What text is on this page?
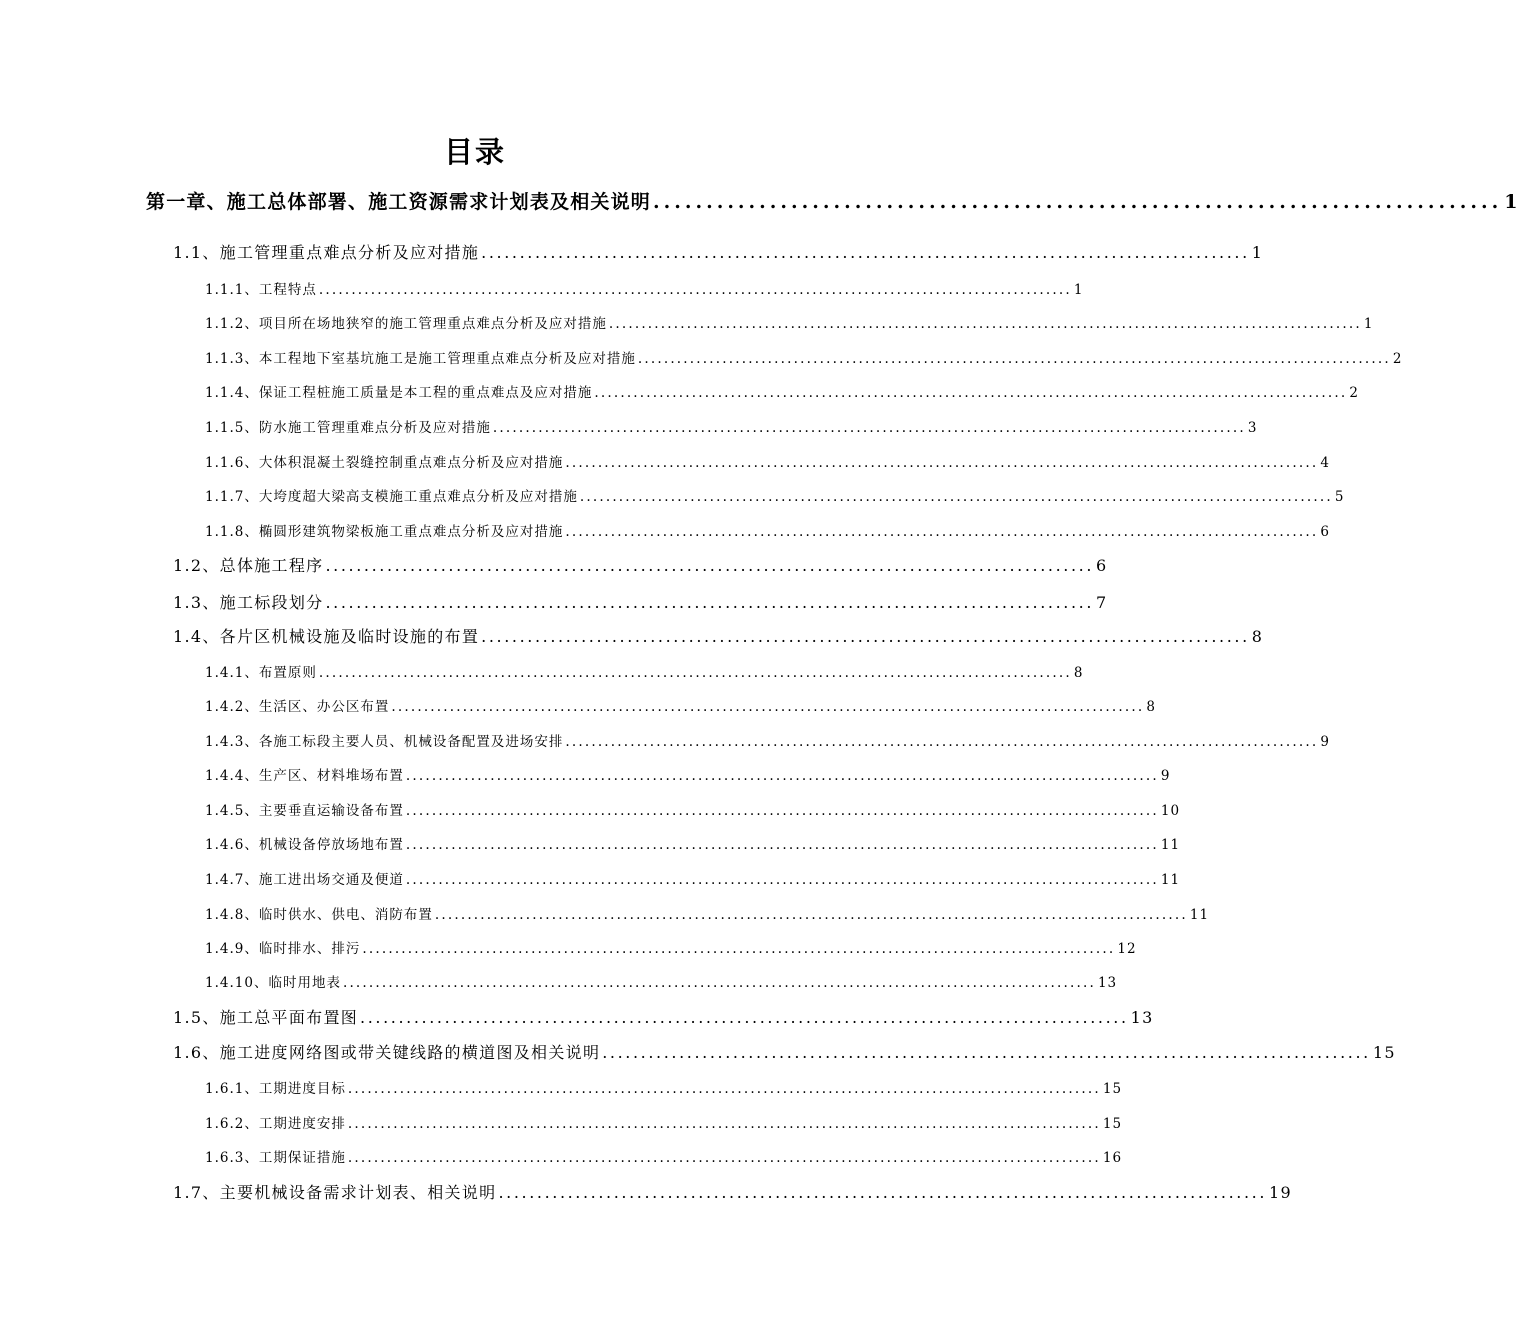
目录
第一章、施工总体部署、施工资源需求计划表及相关说明 ................................................................................ 1
1.1、施工管理重点难点分析及应对措施 .................................................................................................... 1
1.1.1、工程特点 .................................................................................................................... 1
1.1.2、项目所在场地狭窄的施工管理重点难点分析及应对措施 .................................................................................................................... 1
1.1.3、本工程地下室基坑施工是施工管理重点难点分析及应对措施 .................................................................................................................... 2
1.1.4、保证工程桩施工质量是本工程的重点难点及应对措施 .................................................................................................................... 2
1.1.5、防水施工管理重难点分析及应对措施 .................................................................................................................... 3
1.1.6、大体积混凝土裂缝控制重点难点分析及应对措施 .................................................................................................................... 4
1.1.7、大垮度超大梁高支模施工重点难点分析及应对措施 .................................................................................................................... 5
1.1.8、椭圆形建筑物梁板施工重点难点分析及应对措施 .................................................................................................................... 6
1.2、总体施工程序 .................................................................................................... 6
1.3、施工标段划分 .................................................................................................... 7
1.4、各片区机械设施及临时设施的布置 .................................................................................................... 8
1.4.1、布置原则 .................................................................................................................... 8
1.4.2、生活区、办公区布置 .................................................................................................................... 8
1.4.3、各施工标段主要人员、机械设备配置及进场安排 .................................................................................................................... 9
1.4.4、生产区、材料堆场布置 .................................................................................................................... 9
1.4.5、主要垂直运输设备布置 .................................................................................................................... 10
1.4.6、机械设备停放场地布置 .................................................................................................................... 11
1.4.7、施工进出场交通及便道 .................................................................................................................... 11
1.4.8、临时供水、供电、消防布置 .................................................................................................................... 11
1.4.9、临时排水、排污 .................................................................................................................... 12
1.4.10、临时用地表 .................................................................................................................... 13
1.5、施工总平面布置图 .................................................................................................... 13
1.6、施工进度网络图或带关键线路的横道图及相关说明 .................................................................................................... 15
1.6.1、工期进度目标 .................................................................................................................... 15
1.6.2、工期进度安排 .................................................................................................................... 15
1.6.3、工期保证措施 .................................................................................................................... 16
1.7、主要机械设备需求计划表、相关说明 .................................................................................................... 19
